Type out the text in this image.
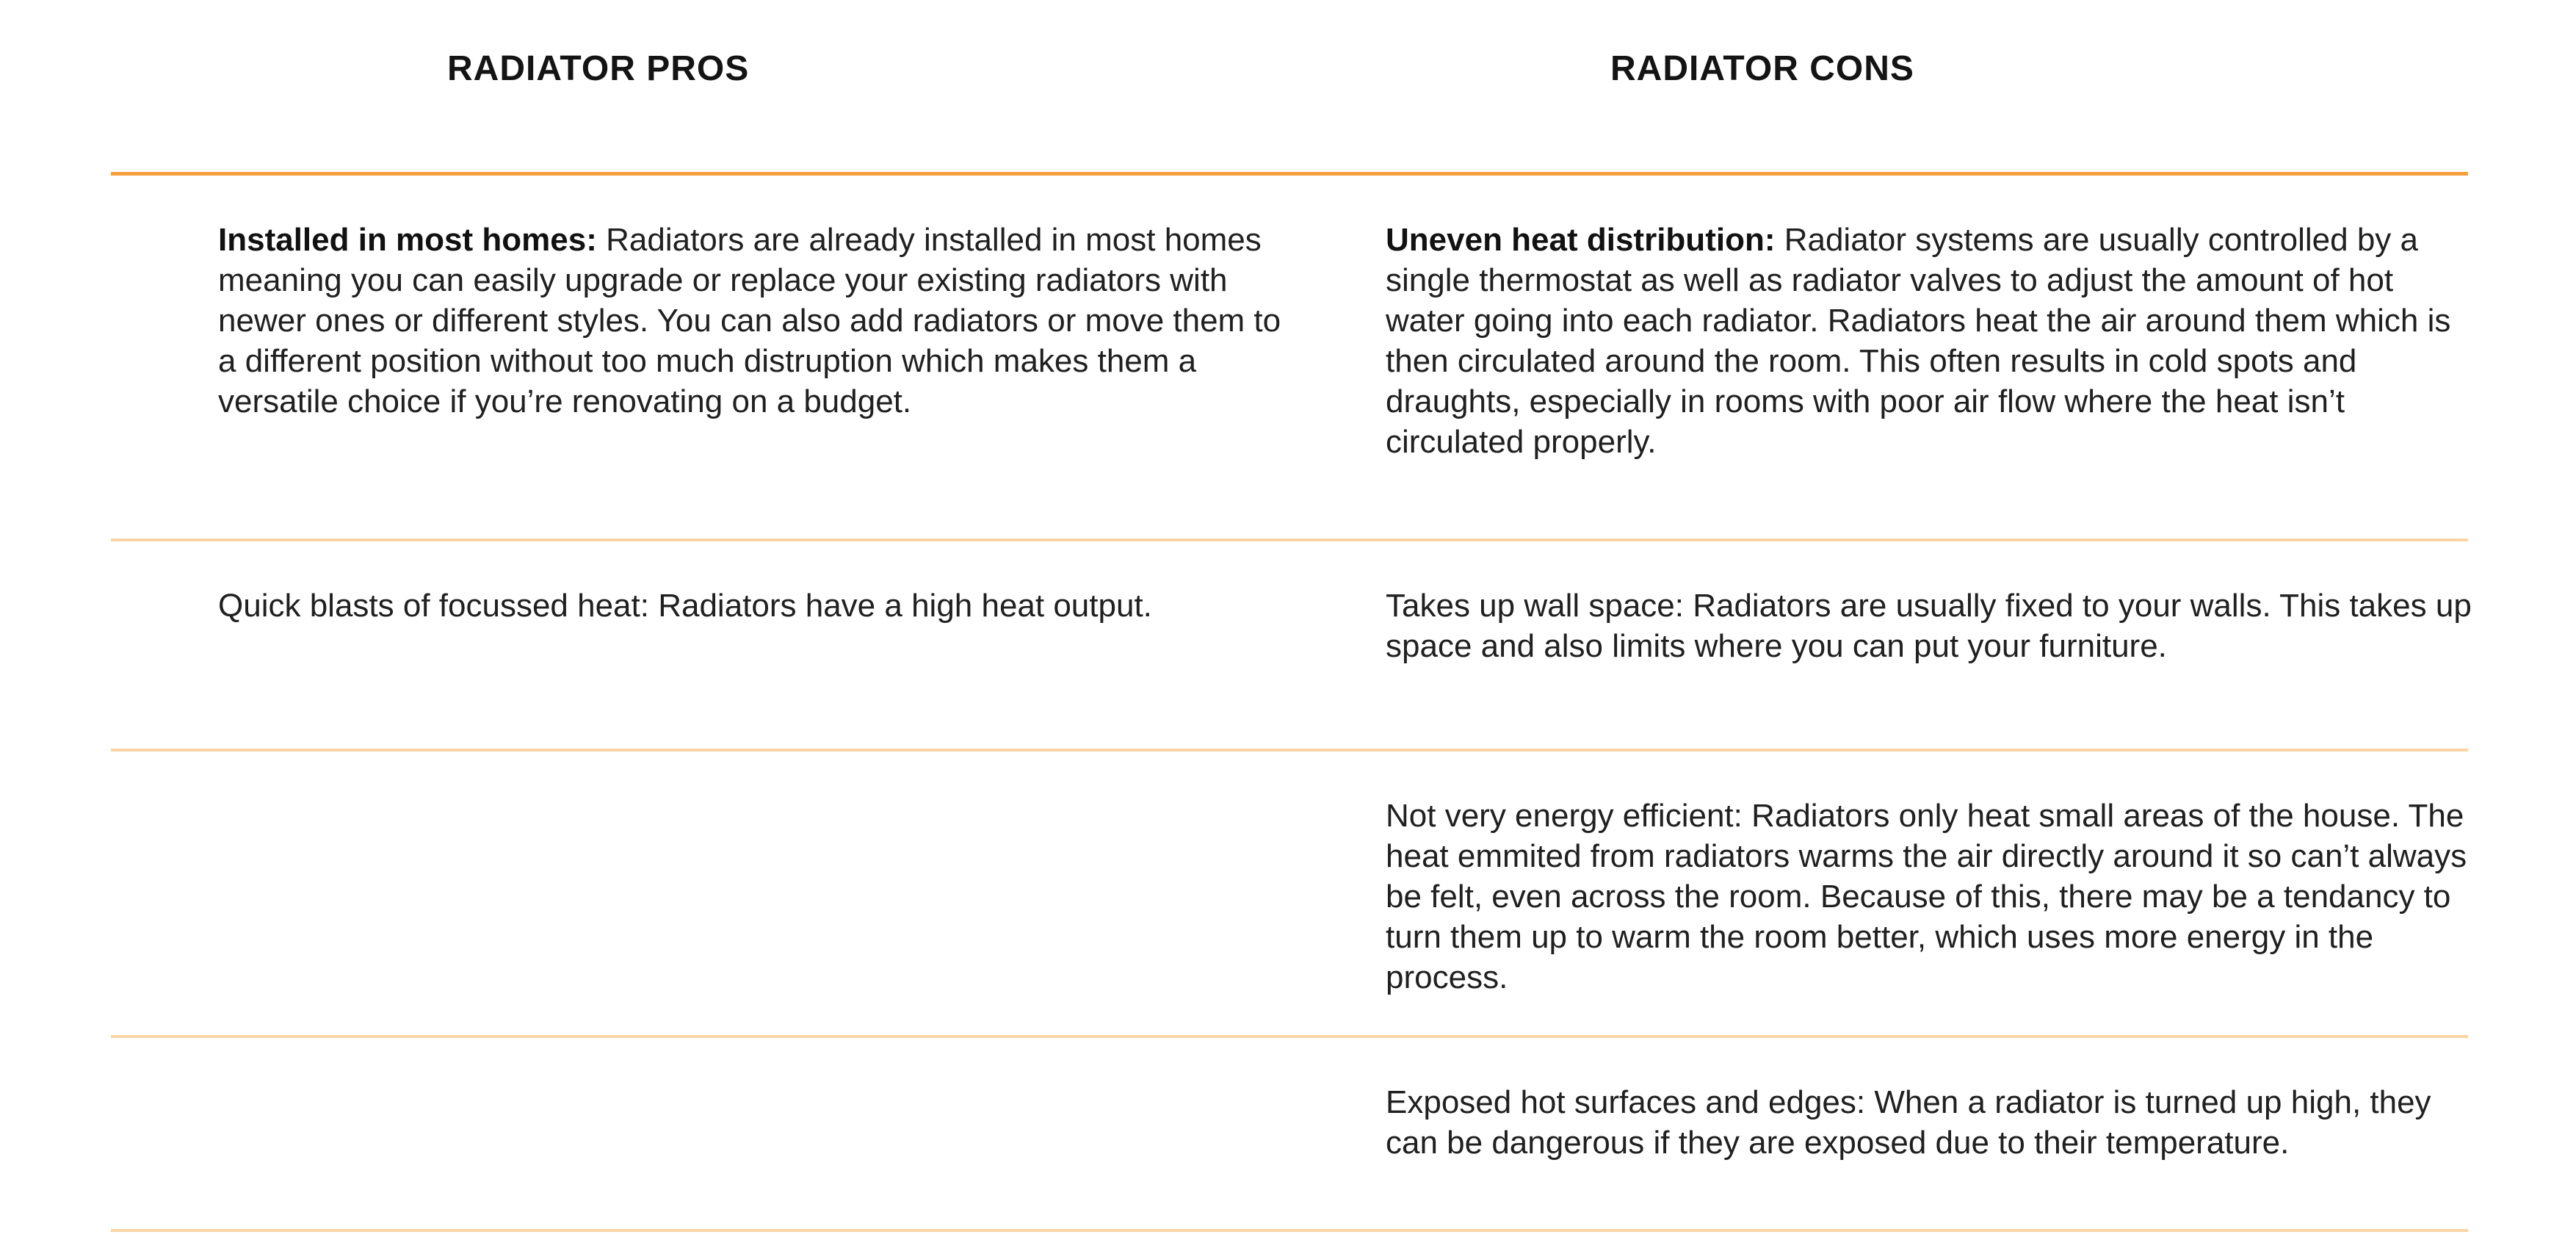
RADIATOR PROS	RADIATOR CONS
Installed in most homes: Radiators are already installed in most homes meaning you can easily upgrade or replace your existing radiators with newer ones or different styles. You can also add radiators or move them to a different position without too much distruption which makes them a versatile choice if you’re renovating on a budget.
Uneven heat distribution: Radiator systems are usually controlled by a single thermostat as well as radiator valves to adjust the amount of hot water going into each radiator. Radiators heat the air around them which is then circulated around the room. This often results in cold spots and draughts, especially in rooms with poor air flow where the heat isn’t circulated properly.
Quick blasts of focussed heat: Radiators have a high heat output.	Takes up wall space: Radiators are usually fixed to your walls. This takes up space and also limits where you can put your furniture.
Not very energy efficient: Radiators only heat small areas of the house. The heat emmited from radiators warms the air directly around it so can’t always be felt, even across the room. Because of this, there may be a tendancy to turn them up to warm the room better, which uses more energy in the process.
Exposed hot surfaces and edges: When a radiator is turned up high, they can be dangerous if they are exposed due to their temperature.
